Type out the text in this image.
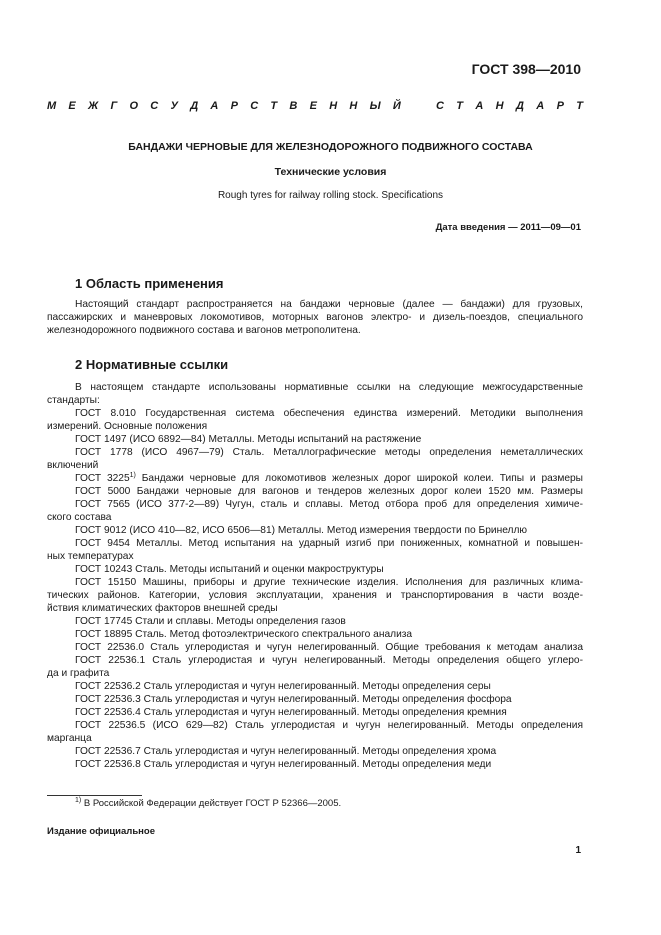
ГОСТ 398—2010
М Е Ж Г О С У Д А Р С Т В Е Н Н Ы Й	С Т А Н Д А Р Т
БАНДАЖИ ЧЕРНОВЫЕ ДЛЯ ЖЕЛЕЗНОДОРОЖНОГО ПОДВИЖНОГО СОСТАВА
Технические условия
Rough tyres for railway rolling stock. Specifications
Дата введения — 2011—09—01
1 Область применения
Настоящий стандарт распространяется на бандажи черновые (далее — бандажи) для грузовых,
пассажирских и маневровых локомотивов, моторных вагонов электро- и дизель-поездов, специального
железнодорожного подвижного состава и вагонов метрополитена.
2 Нормативные ссылки
В настоящем стандарте использованы нормативные ссылки на следующие межгосударственные
стандарты:
ГОСТ 8.010 Государственная система обеспечения единства измерений. Методики выполнения
измерений. Основные положения
ГОСТ 1497 (ИСО 6892—84) Металлы. Методы испытаний на растяжение
ГОСТ 1778 (ИСО 4967—79) Сталь. Металлографические методы определения неметаллических
включений
ГОСТ 3225$^{1)}$ Бандажи черновые для локомотивов железных дорог широкой колеи. Типы и размеры
ГОСТ 5000 Бандажи черновые для вагонов и тендеров железных дорог колеи 1520 мм. Размеры
ГОСТ 7565 (ИСО 377-2—89) Чугун, сталь и сплавы. Метод отбора проб для определения химиче-
ского состава
ГОСТ 9012 (ИСО 410—82, ИСО 6506—81) Металлы. Метод измерения твердости по Бринеллю
ГОСТ 9454 Металлы. Метод испытания на ударный изгиб при пониженных, комнатной и повышен-
ных температурах
ГОСТ 10243 Сталь. Методы испытаний и оценки макроструктуры
ГОСТ 15150 Машины, приборы и другие технические изделия. Исполнения для различных клима-
тических районов. Категории, условия эксплуатации, хранения и транспортирования в части возде-
йствия климатических факторов внешней среды
ГОСТ 17745 Стали и сплавы. Методы определения газов
ГОСТ 18895 Сталь. Метод фотоэлектрического спектрального анализа
ГОСТ 22536.0 Сталь углеродистая и чугун нелегированный. Общие требования к методам анализа
ГОСТ 22536.1 Сталь углеродистая и чугун нелегированный. Методы определения общего углеро-
да и графита
ГОСТ 22536.2 Сталь углеродистая и чугун нелегированный. Методы определения серы
ГОСТ 22536.3 Сталь углеродистая и чугун нелегированный. Методы определения фосфора
ГОСТ 22536.4 Сталь углеродистая и чугун нелегированный. Методы определения кремния
ГОСТ 22536.5 (ИСО 629—82) Сталь углеродистая и чугун нелегированный. Методы определения
марганца
ГОСТ 22536.7 Сталь углеродистая и чугун нелегированный. Методы определения хрома
ГОСТ 22536.8 Сталь углеродистая и чугун нелегированный. Методы определения меди
$^{1)}$ В Российской Федерации действует ГОСТ Р 52366—2005.
Издание официальное
1
